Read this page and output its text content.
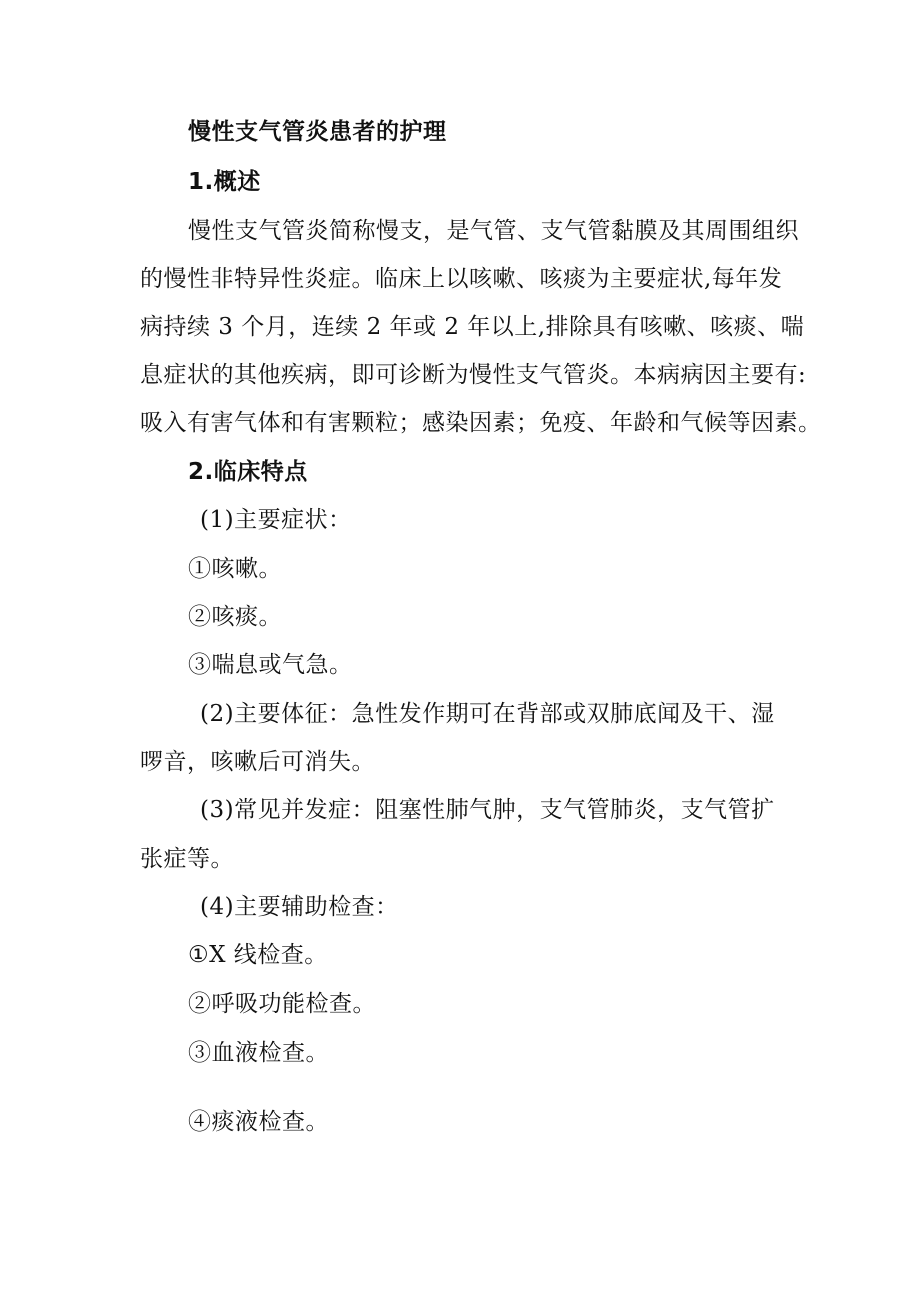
慢性支气管炎患者的护理
1.概述
慢性支气管炎简称慢支，是气管、支气管黏膜及其周围组织
的慢性非特异性炎症。临床上以咳嗽、咳痰为主要症状,每年发
病持续 3 个月，连续 2 年或 2 年以上,排除具有咳嗽、咳痰、喘
息症状的其他疾病，即可诊断为慢性支气管炎。本病病因主要有:
吸入有害气体和有害颗粒；感染因素；免疫、年龄和气候等因素。
2.临床特点
(1)主要症状：
①咳嗽。
②咳痰。
③喘息或气急。
(2)主要体征：急性发作期可在背部或双肺底闻及干、湿
啰音，咳嗽后可消失。
(3)常见并发症：阻塞性肺气肿，支气管肺炎，支气管扩
张症等。
(4)主要辅助检查：
①X 线检查。
②呼吸功能检查。
③血液检查。
④痰液检查。
